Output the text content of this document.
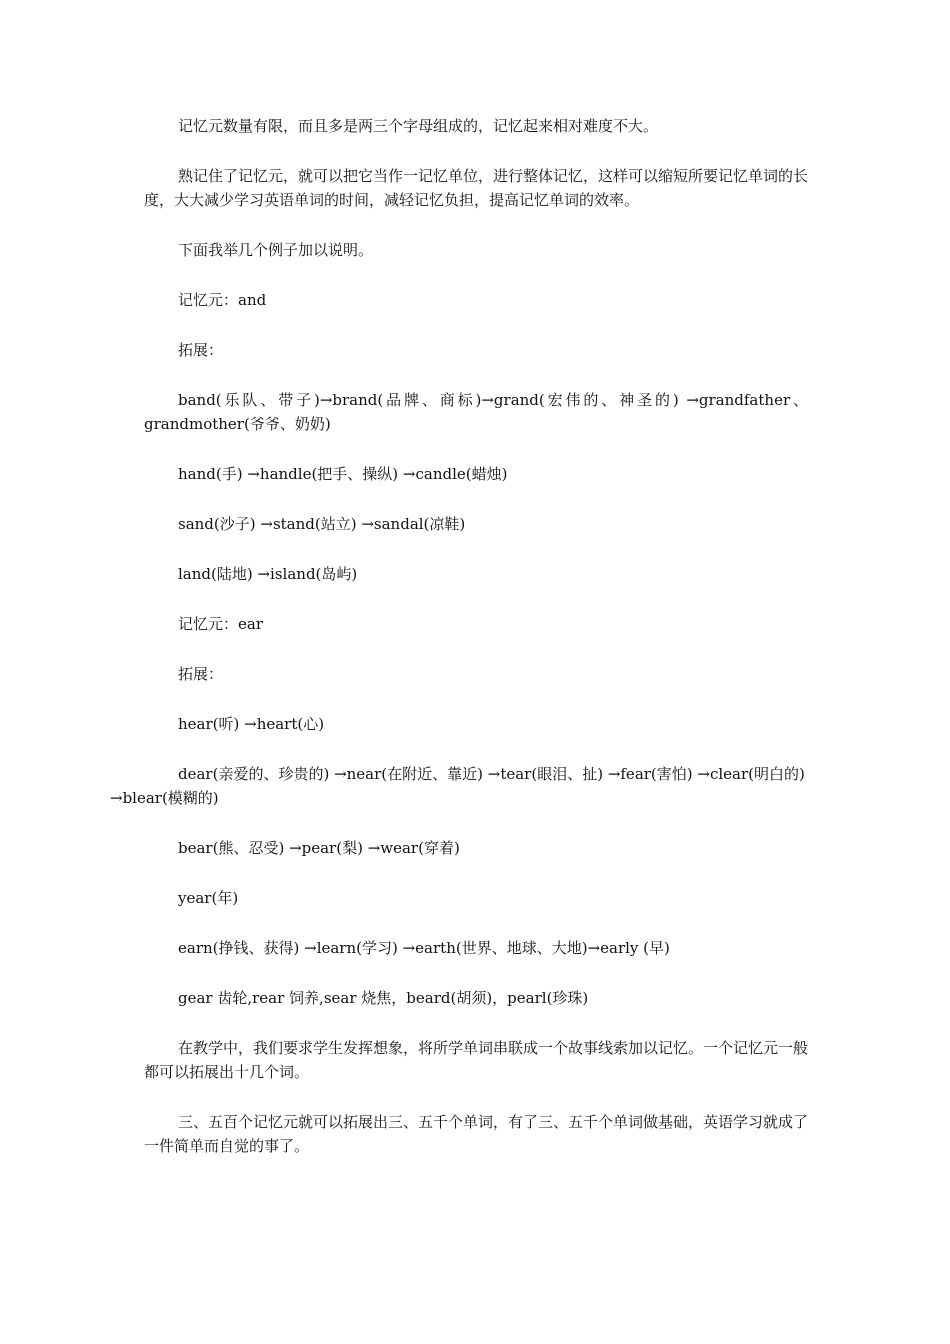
记忆元数量有限，而且多是两三个字母组成的，记忆起来相对难度不大。

熟记住了记忆元，就可以把它当作一记忆单位，进行整体记忆，这样可以缩短所要记忆单词的长度，大大减少学习英语单词的时间，减轻记忆负担，提高记忆单词的效率。

下面我举几个例子加以说明。

记忆元：and

拓展：

band(乐队、带子)→brand(品牌、商标)→grand(宏伟的、神圣的) →grandfather、grandmother(爷爷、奶奶)

hand(手) →handle(把手、操纵) →candle(蜡烛)

sand(沙子) →stand(站立) →sandal(凉鞋)

land(陆地) →island(岛屿)

记忆元：ear

拓展：

hear(听) →heart(心)

dear(亲爱的、珍贵的) →near(在附近、靠近) →tear(眼泪、扯) →fear(害怕) →clear(明白的)
→blear(模糊的)

bear(熊、忍受) →pear(梨) →wear(穿着)

year(年)

earn(挣钱、获得) →learn(学习) →earth(世界、地球、大地)→early (早)

gear 齿轮,rear 饲养,sear 烧焦，beard(胡须)，pearl(珍珠)

在教学中，我们要求学生发挥想象，将所学单词串联成一个故事线索加以记忆。一个记忆元一般都可以拓展出十几个词。

三、五百个记忆元就可以拓展出三、五千个单词，有了三、五千个单词做基础，英语学习就成了一件简单而自觉的事了。
